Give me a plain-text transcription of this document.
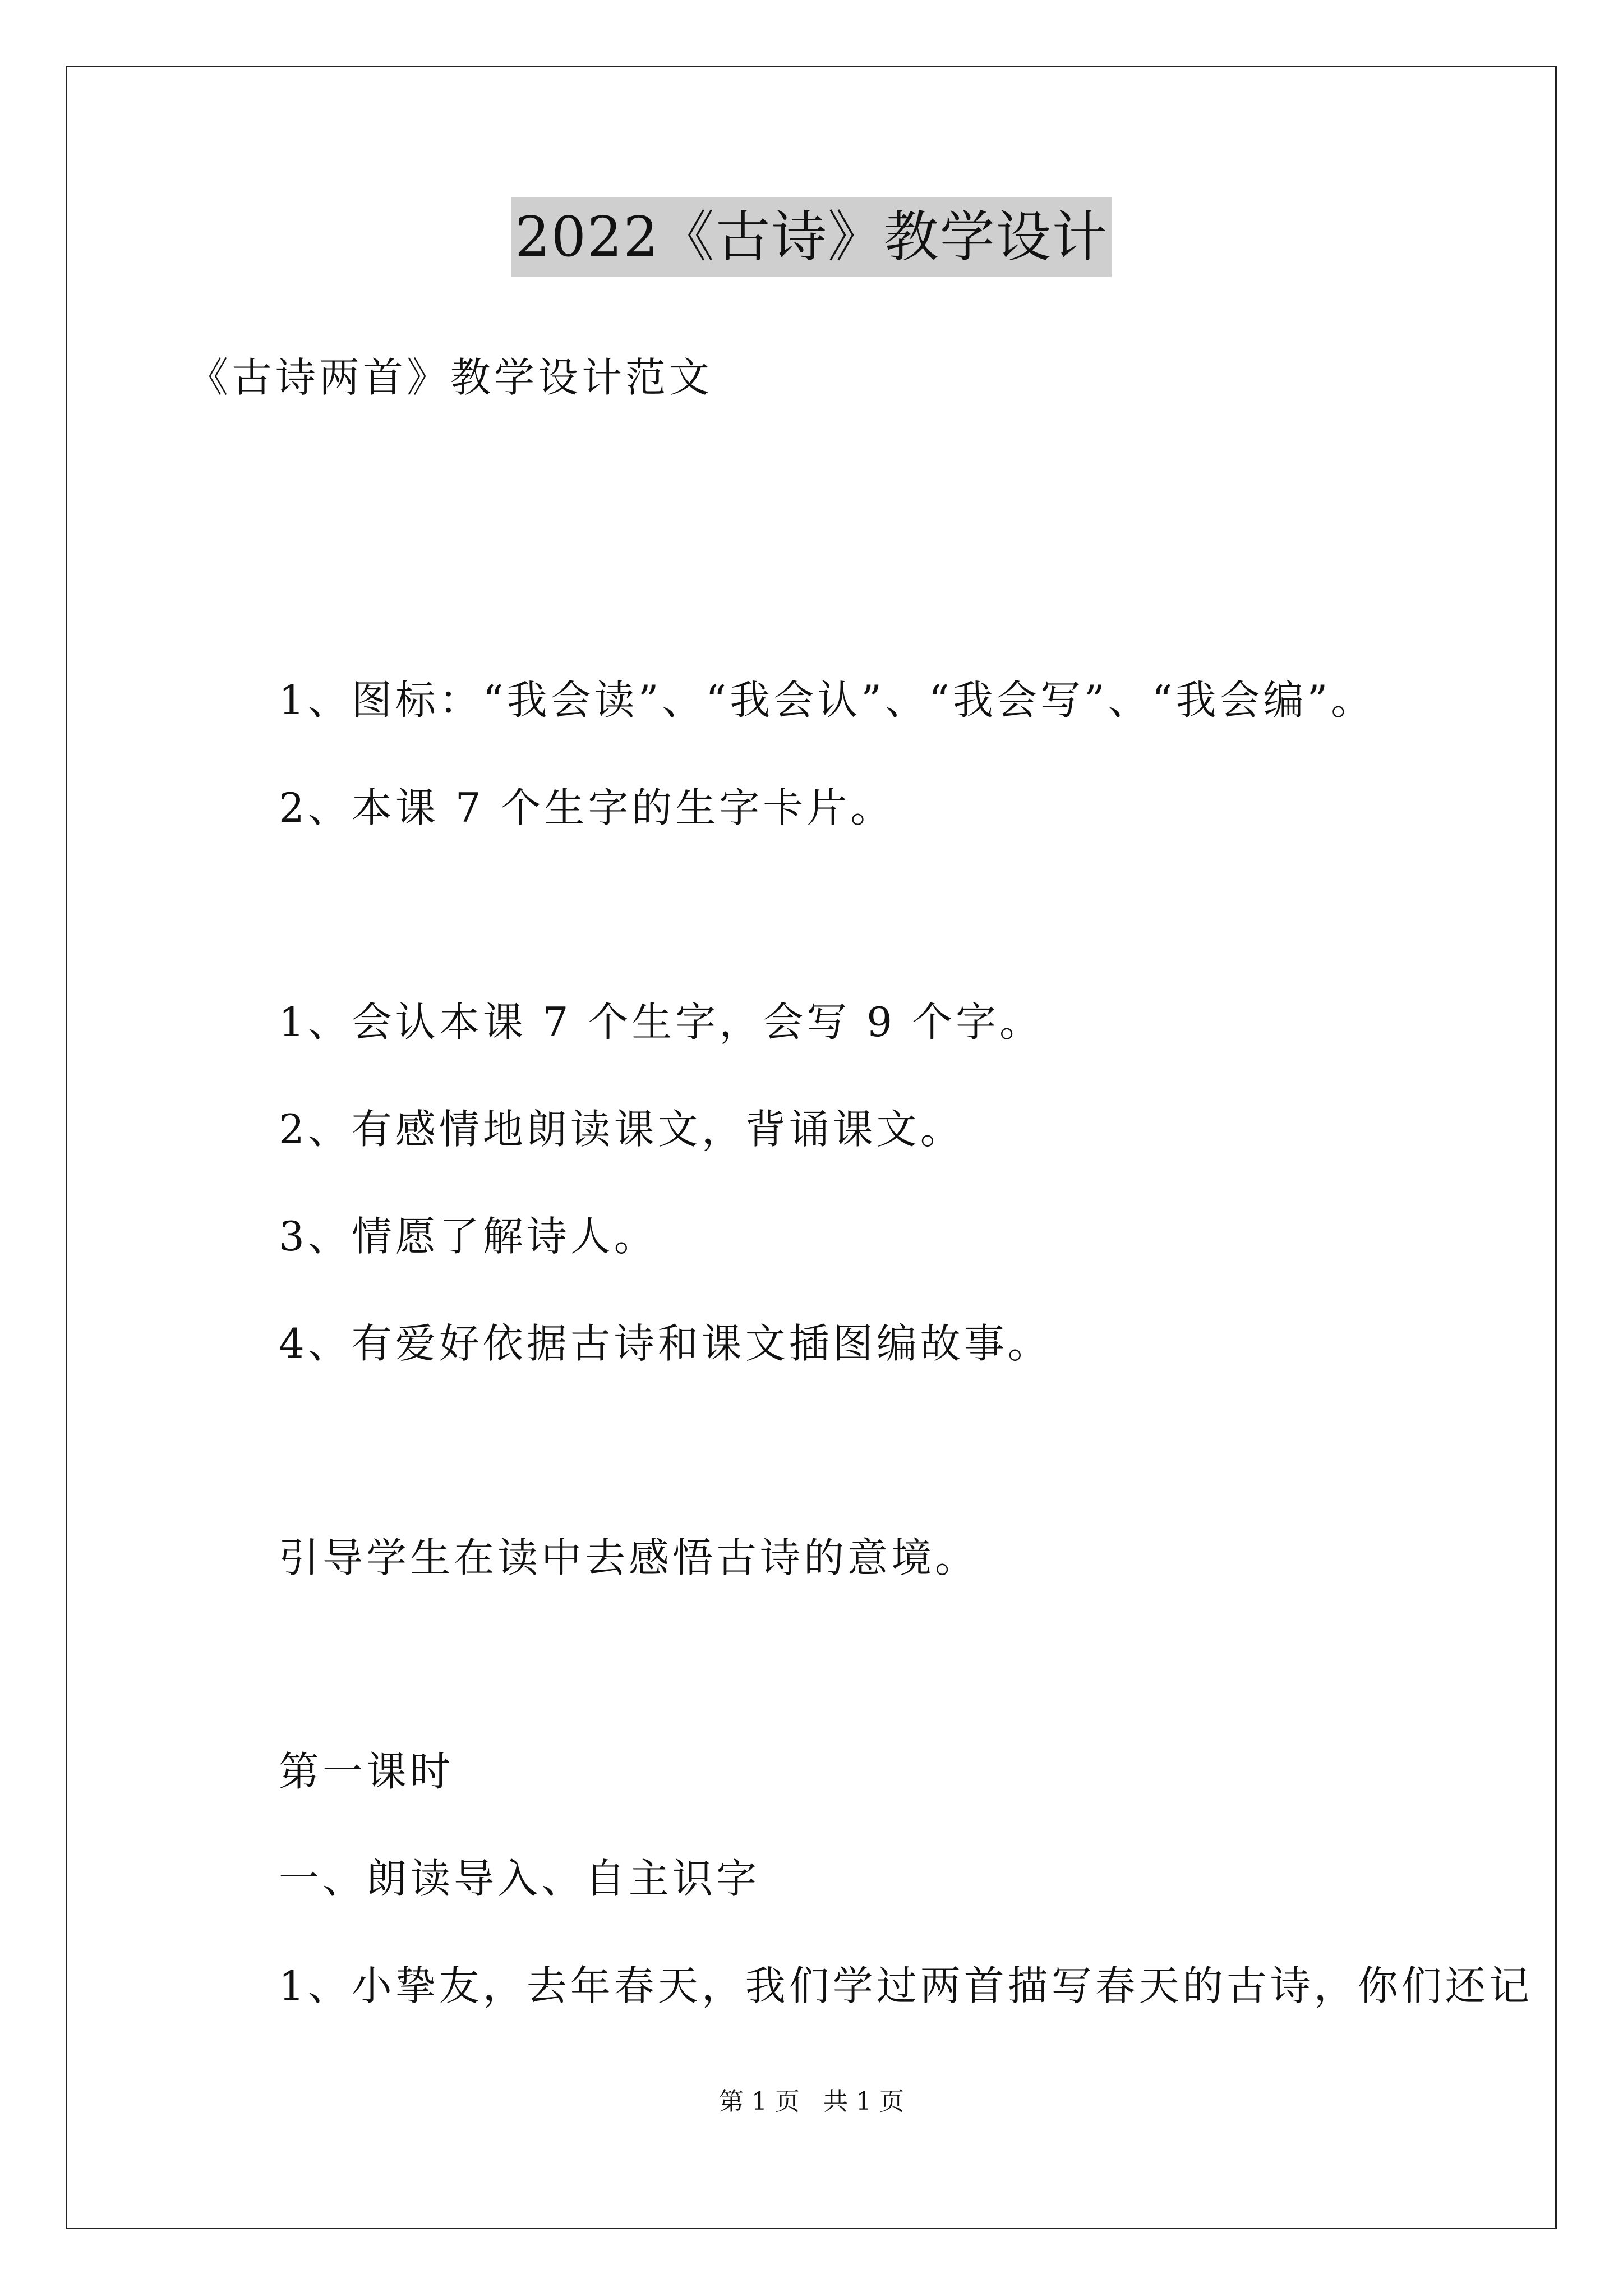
2022《古诗》教学设计
《古诗两首》教学设计范文
1、图标：“我会读”、“我会认”、“我会写”、“我会编”。
2、本课 7 个生字的生字卡片。
1、会认本课 7 个生字，会写 9 个字。
2、有感情地朗读课文，背诵课文。
3、情愿了解诗人。
4、有爱好依据古诗和课文插图编故事。
引导学生在读中去感悟古诗的意境。
第一课时
一、朗读导入、自主识字
1、小挚友，去年春天，我们学过两首描写春天的古诗，你们还记
第 1 页   共 1 页
